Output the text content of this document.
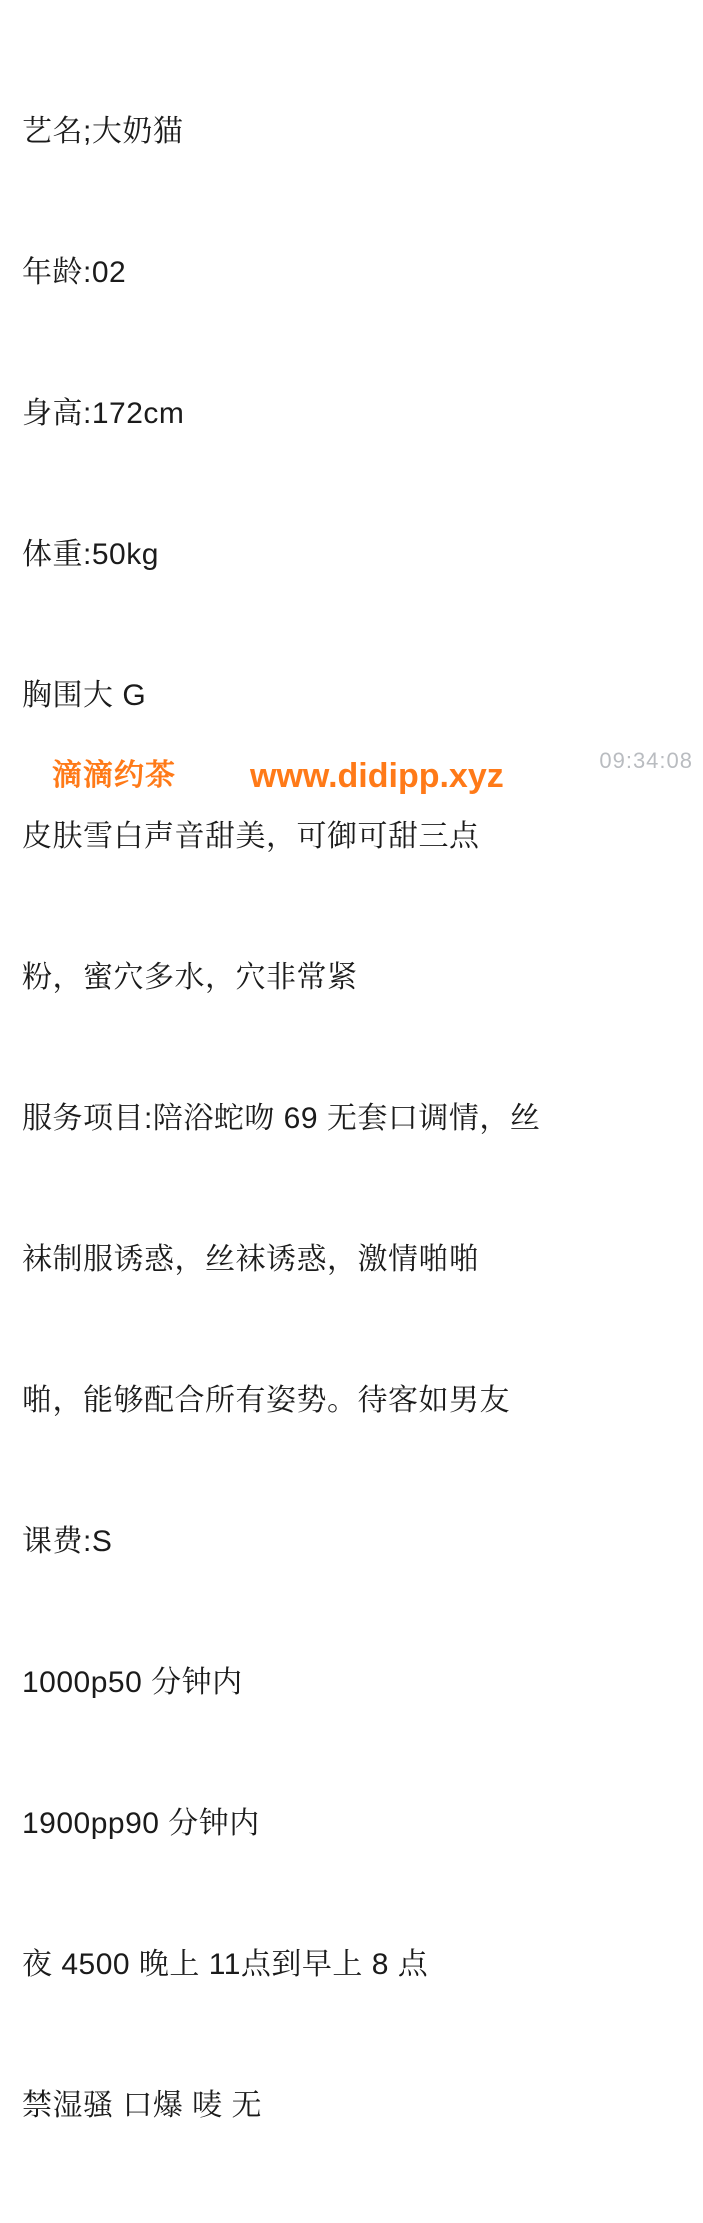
艺名;大奶猫

年龄:02

身高:172cm

体重:50kg

胸围大 G

皮肤雪白声音甜美，可御可甜三点

粉，蜜穴多水，穴非常紧

服务项目:陪浴蛇吻 69 无套口调情，丝

袜制服诱惑，丝袜诱惑，激情啪啪

啪，能够配合所有姿势。待客如男友

课费:S

1000p50 分钟内

1900pp90 分钟内

夜 4500 晚上 11点到早上 8 点

禁湿骚 口爆 唛 无

滴滴约茶 www.didipp.xyz	09:34:08
